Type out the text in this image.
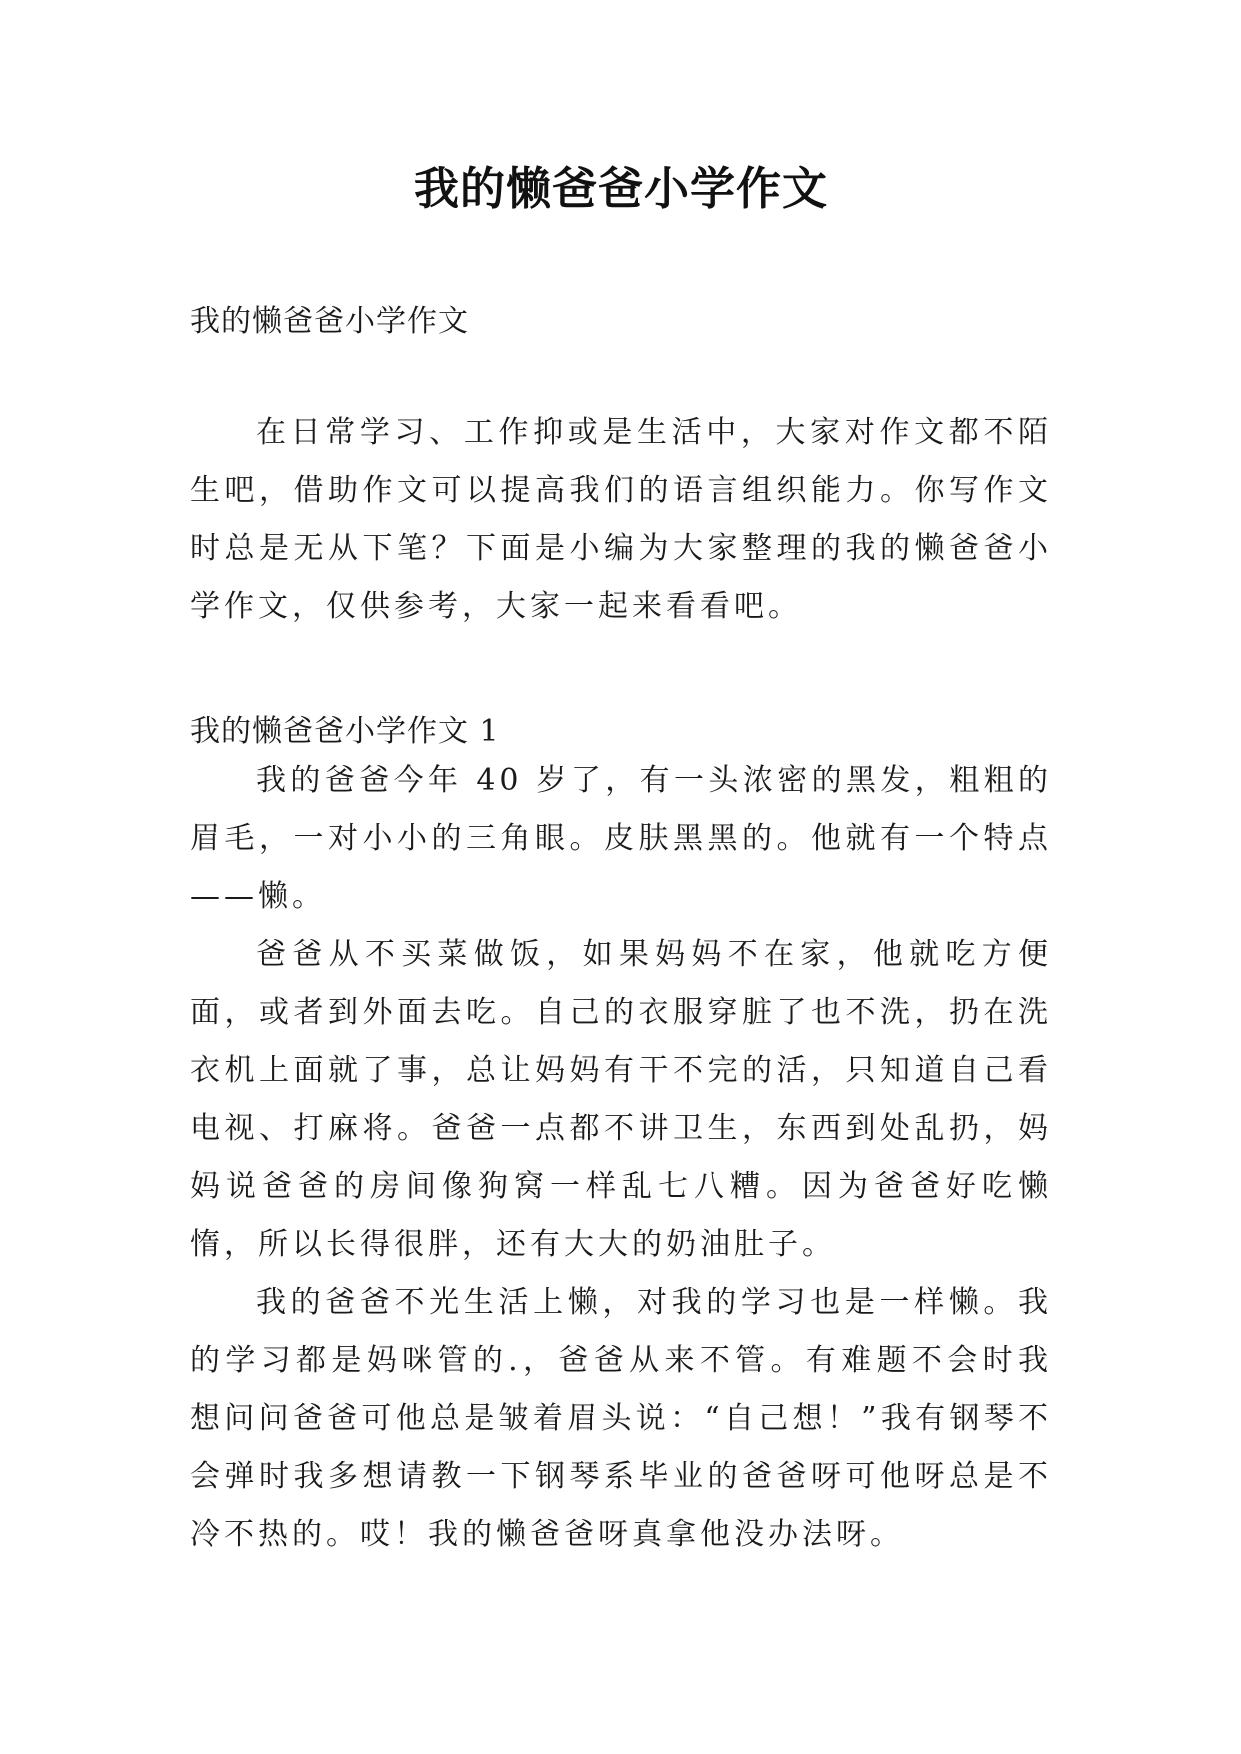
我的懒爸爸小学作文

我的懒爸爸小学作文

在日常学习、工作抑或是生活中，大家对作文都不陌生吧，借助作文可以提高我们的语言组织能力。你写作文时总是无从下笔？下面是小编为大家整理的我的懒爸爸小学作文，仅供参考，大家一起来看看吧。

我的懒爸爸小学作文 1

我的爸爸今年 40 岁了，有一头浓密的黑发，粗粗的眉毛，一对小小的三角眼。皮肤黑黑的。他就有一个特点——懒。

爸爸从不买菜做饭，如果妈妈不在家，他就吃方便面，或者到外面去吃。自己的衣服穿脏了也不洗，扔在洗衣机上面就了事，总让妈妈有干不完的活，只知道自己看电视、打麻将。爸爸一点都不讲卫生，东西到处乱扔，妈妈说爸爸的房间像狗窝一样乱七八糟。因为爸爸好吃懒惰，所以长得很胖，还有大大的奶油肚子。

我的爸爸不光生活上懒，对我的学习也是一样懒。我的学习都是妈咪管的.，爸爸从来不管。有难题不会时我想问问爸爸可他总是皱着眉头说：“自己想！”我有钢琴不会弹时我多想请教一下钢琴系毕业的爸爸呀可他呀总是不冷不热的。哎！我的懒爸爸呀真拿他没办法呀。
